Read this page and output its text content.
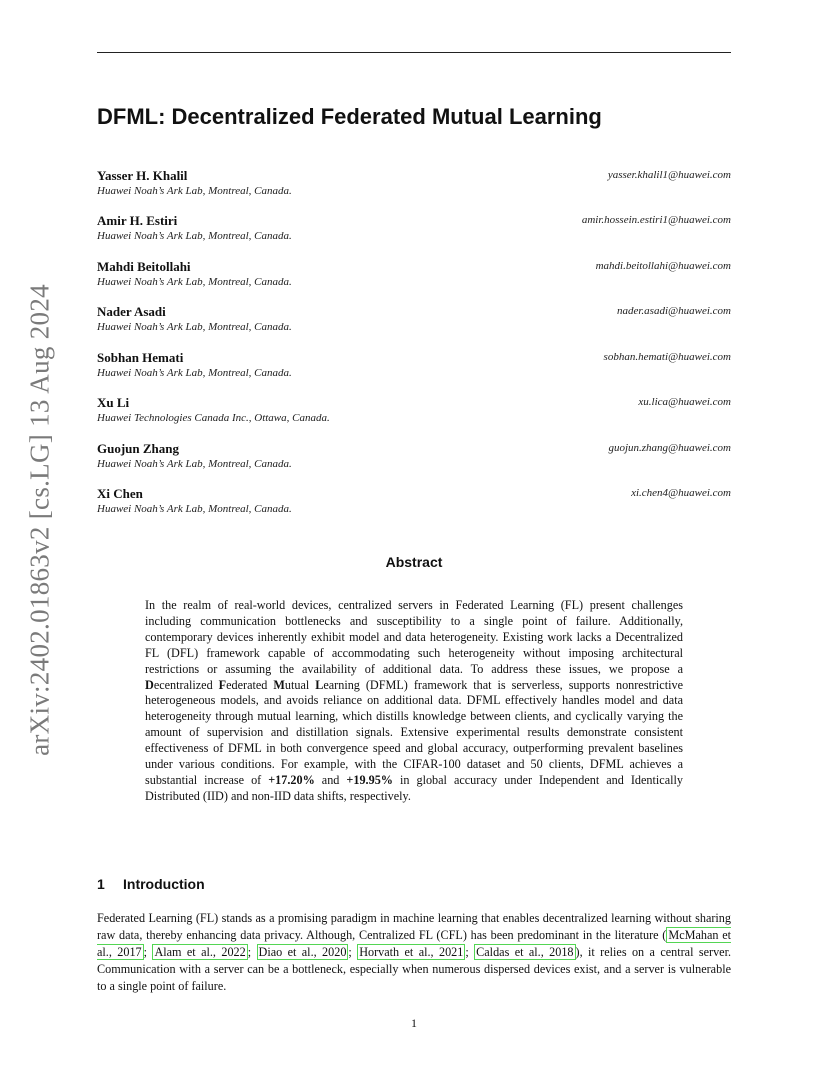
arXiv:2402.01863v2 [cs.LG] 13 Aug 2024
DFML: Decentralized Federated Mutual Learning
Yasser H. Khalil	yasser.khalil1@huawei.com
Huawei Noah’s Ark Lab, Montreal, Canada.
Amir H. Estiri	amir.hossein.estiri1@huawei.com
Huawei Noah’s Ark Lab, Montreal, Canada.
Mahdi Beitollahi	mahdi.beitollahi@huawei.com
Huawei Noah’s Ark Lab, Montreal, Canada.
Nader Asadi	nader.asadi@huawei.com
Huawei Noah’s Ark Lab, Montreal, Canada.
Sobhan Hemati	sobhan.hemati@huawei.com
Huawei Noah’s Ark Lab, Montreal, Canada.
Xu Li	xu.lica@huawei.com
Huawei Technologies Canada Inc., Ottawa, Canada.
Guojun Zhang	guojun.zhang@huawei.com
Huawei Noah’s Ark Lab, Montreal, Canada.
Xi Chen	xi.chen4@huawei.com
Huawei Noah’s Ark Lab, Montreal, Canada.
Abstract
In the realm of real-world devices, centralized servers in Federated Learning (FL) present challenges including communication bottlenecks and susceptibility to a single point of failure. Additionally, contemporary devices inherently exhibit model and data heterogeneity. Existing work lacks a Decentralized FL (DFL) framework capable of accommodating such heterogeneity without imposing architectural restrictions or assuming the availability of additional data. To address these issues, we propose a Decentralized Federated Mutual Learning (DFML) framework that is serverless, supports nonrestrictive heterogeneous models, and avoids reliance on additional data. DFML effectively handles model and data heterogeneity through mutual learning, which distills knowledge between clients, and cyclically varying the amount of supervision and distillation signals. Extensive experimental results demonstrate consistent effectiveness of DFML in both convergence speed and global accuracy, outperforming prevalent baselines under various conditions. For example, with the CIFAR-100 dataset and 50 clients, DFML achieves a substantial increase of +17.20% and +19.95% in global accuracy under Independent and Identically Distributed (IID) and non-IID data shifts, respectively.
1 Introduction
Federated Learning (FL) stands as a promising paradigm in machine learning that enables decentralized learning without sharing raw data, thereby enhancing data privacy. Although, Centralized FL (CFL) has been predominant in the literature ( McMahan et al., 2017 ; Alam et al., 2022 ; Diao et al., 2020 ; Horvath et al., 2021 ; Caldas et al., 2018 ), it relies on a central server. Communication with a server can be a bottleneck, especially when numerous dispersed devices exist, and a server is vulnerable to a single point of failure.
1
